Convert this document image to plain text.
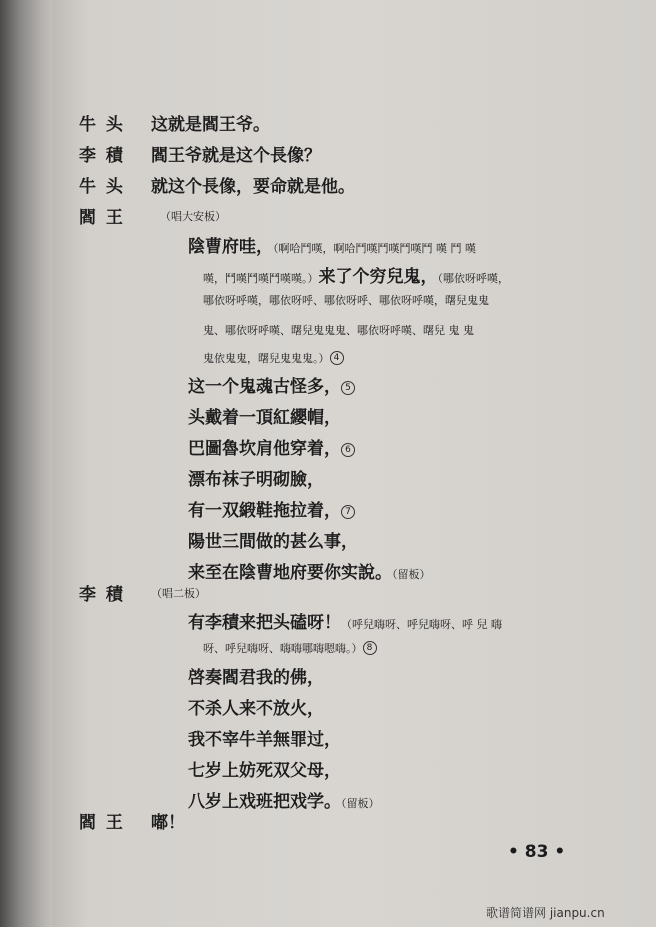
牛 头 这就是閻王爷。
李 積 閻王爷就是这个長像？
牛 头 就这个長像，要命就是他。
閻 王	（唱大安板）
陰曹府哇，（啊哈鬥嘆，啊哈鬥嘆鬥嘆鬥嘆鬥 嘆 鬥 嘆
嘆，鬥嘆鬥嘆鬥嘆嘆。）来了个穷兒鬼，（哪依呀呼嘆，
哪依呀呼嘆，哪依呀呼、哪依呀呼、哪依呀呼嘆，曙兒鬼鬼
鬼、哪依呀呼嘆、曙兒鬼鬼鬼、哪依呀呼嘆、曙兒 鬼 鬼
鬼依鬼鬼，曙兒鬼鬼鬼。） 4
这一个鬼魂古怪多， 5
头戴着一頂紅纓帽，
巴圖魯坎肩他穿着， 6
漂布袜子明砌臉，
有一双緞鞋拖拉着， 7
陽世三間做的甚么事，
来至在陰曹地府要你实說。（留板）
李 積 （唱二板）
有李積来把头磕呀！（呼兒嗨呀、呼兒嗨呀、呼 兒 嗨
呀、呼兒嗨呀、嗨嗨哪嗨嗯嗨。） 8
啓奏閻君我的佛，
不杀人来不放火，
我不宰牛羊無罪过，
七岁上妨死双父母，
八岁上戏班把戏学。（留板）
閻 王 嘟！
• 83 •
歌谱简谱网 jianpu.cn
